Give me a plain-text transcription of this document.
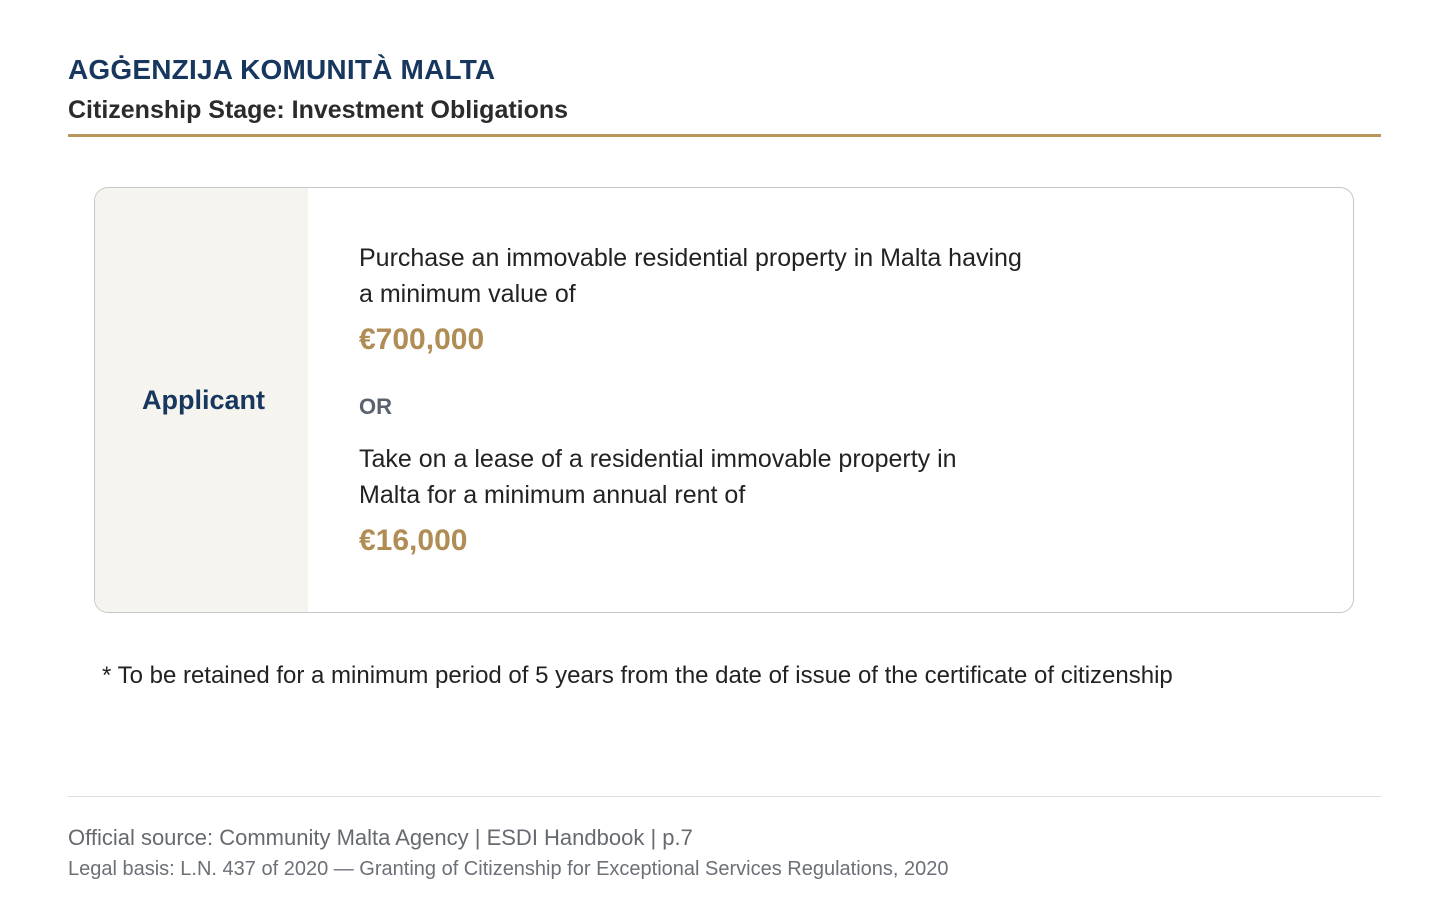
AGĠENZIJA KOMUNITÀ MALTA
Citizenship Stage: Investment Obligations
Applicant
Purchase an immovable residential property in Malta having
a minimum value of
€700,000
OR
Take on a lease of a residential immovable property in
Malta for a minimum annual rent of
€16,000
* To be retained for a minimum period of 5 years from the date of issue of the certificate of citizenship
Official source: Community Malta Agency | ESDI Handbook | p.7
Legal basis: L.N. 437 of 2020 — Granting of Citizenship for Exceptional Services Regulations, 2020
